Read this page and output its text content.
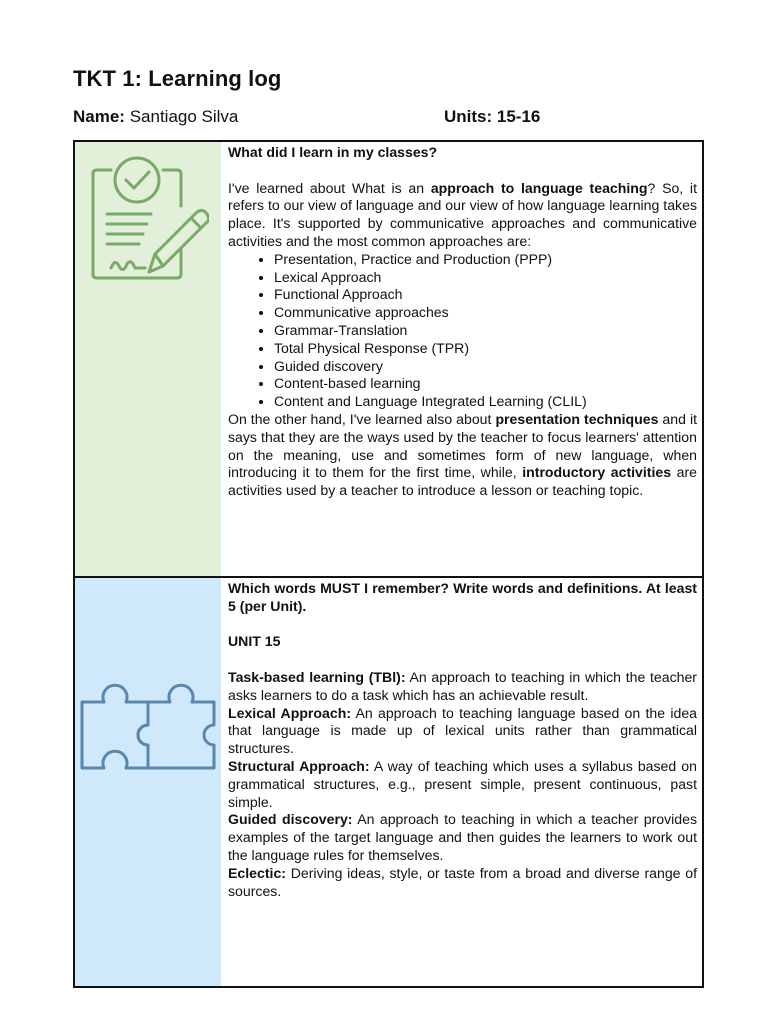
TKT 1: Learning log
Name: Santiago Silva	Units: 15-16

What did I learn in my classes?

I've learned about What is an approach to language teaching? So, it refers to our view of language and our view of how language learning takes place. It's supported by communicative approaches and communicative activities and the most common approaches are:

• Presentation, Practice and Production (PPP)
• Lexical Approach
• Functional Approach
• Communicative approaches
• Grammar-Translation
• Total Physical Response (TPR)
• Guided discovery
• Content-based learning
• Content and Language Integrated Learning (CLIL)

On the other hand, I've learned also about presentation techniques and it says that they are the ways used by the teacher to focus learners' attention on the meaning, use and sometimes form of new language, when introducing it to them for the first time, while, introductory activities are activities used by a teacher to introduce a lesson or teaching topic.

Which words MUST I remember? Write words and definitions. At least 5 (per Unit).

UNIT 15

Task-based learning (TBl): An approach to teaching in which the teacher asks learners to do a task which has an achievable result.

Lexical Approach: An approach to teaching language based on the idea that language is made up of lexical units rather than grammatical structures.

Structural Approach: A way of teaching which uses a syllabus based on grammatical structures, e.g., present simple, present continuous, past simple.

Guided discovery: An approach to teaching in which a teacher provides examples of the target language and then guides the learners to work out the language rules for themselves.

Eclectic: Deriving ideas, style, or taste from a broad and diverse range of sources.
